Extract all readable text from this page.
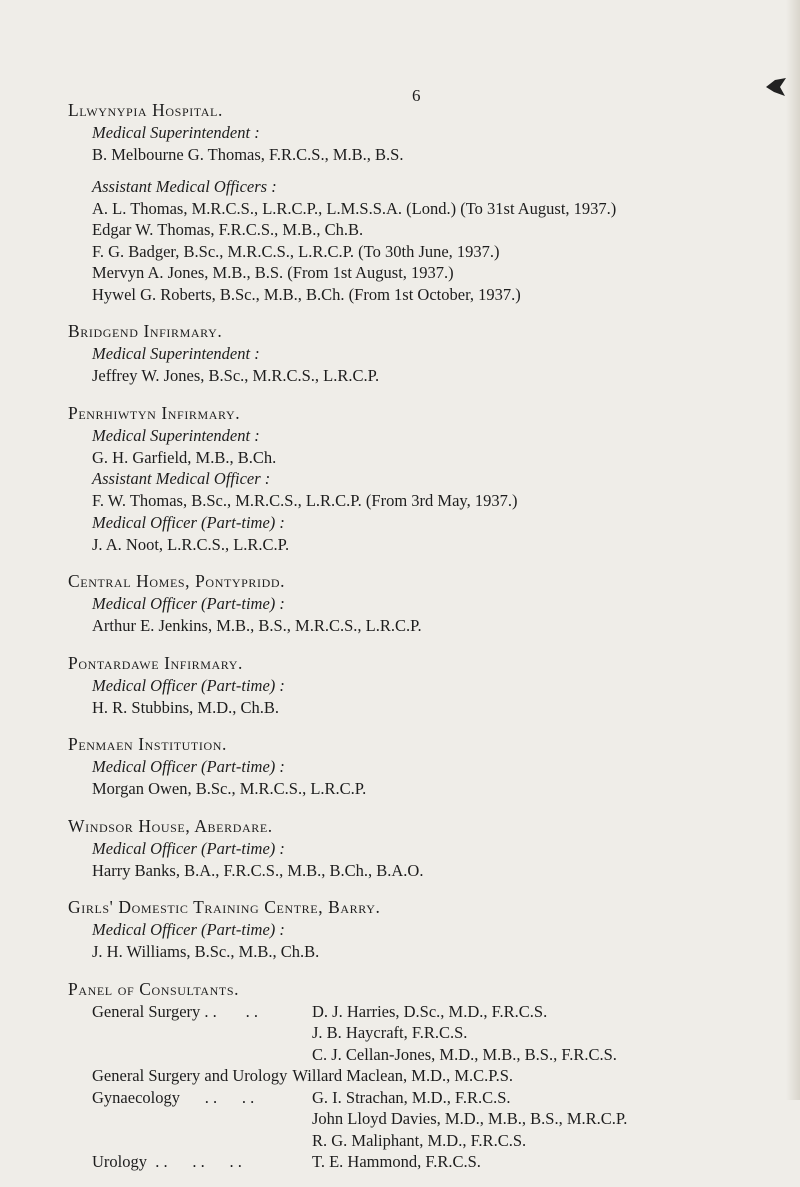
6
Llwynypia Hospital.
Medical Superintendent :
B. Melbourne G. Thomas, F.R.C.S., M.B., B.S.
Assistant Medical Officers :
A. L. Thomas, M.R.C.S., L.R.C.P., L.M.S.S.A. (Lond.) (To 31st August, 1937.)
Edgar W. Thomas, F.R.C.S., M.B., Ch.B.
F. G. Badger, B.Sc., M.R.C.S., L.R.C.P. (To 30th June, 1937.)
Mervyn A. Jones, M.B., B.S. (From 1st August, 1937.)
Hywel G. Roberts, B.Sc., M.B., B.Ch. (From 1st October, 1937.)
Bridgend Infirmary.
Medical Superintendent :
Jeffrey W. Jones, B.Sc., M.R.C.S., L.R.C.P.
Penrhiwtyn Infirmary.
Medical Superintendent :
G. H. Garfield, M.B., B.Ch.
Assistant Medical Officer :
F. W. Thomas, B.Sc., M.R.C.S., L.R.C.P. (From 3rd May, 1937.)
Medical Officer (Part-time) :
J. A. Noot, L.R.C.S., L.R.C.P.
Central Homes, Pontypridd.
Medical Officer (Part-time) :
Arthur E. Jenkins, M.B., B.S., M.R.C.S., L.R.C.P.
Pontardawe Infirmary.
Medical Officer (Part-time) :
H. R. Stubbins, M.D., Ch.B.
Penmaen Institution.
Medical Officer (Part-time) :
Morgan Owen, B.Sc., M.R.C.S., L.R.C.P.
Windsor House, Aberdare.
Medical Officer (Part-time) :
Harry Banks, B.A., F.R.C.S., M.B., B.Ch., B.A.O.
Girls' Domestic Training Centre, Barry.
Medical Officer (Part-time) :
J. H. Williams, B.Sc., M.B., Ch.B.
Panel of Consultants.
General Surgery . .       . .	D. J. Harries, D.Sc., M.D., F.R.C.S.
J. B. Haycraft, F.R.C.S.
C. J. Cellan-Jones, M.D., M.B., B.S., F.R.C.S.
General Surgery and Urology Willard Maclean, M.D., M.C.P.S.
Gynaecology      . .      . .	G. I. Strachan, M.D., F.R.C.S.
John Lloyd Davies, M.D., M.B., B.S., M.R.C.P.
R. G. Maliphant, M.D., F.R.C.S.
Urology  . .      . .      . .	T. E. Hammond, F.R.C.S.
